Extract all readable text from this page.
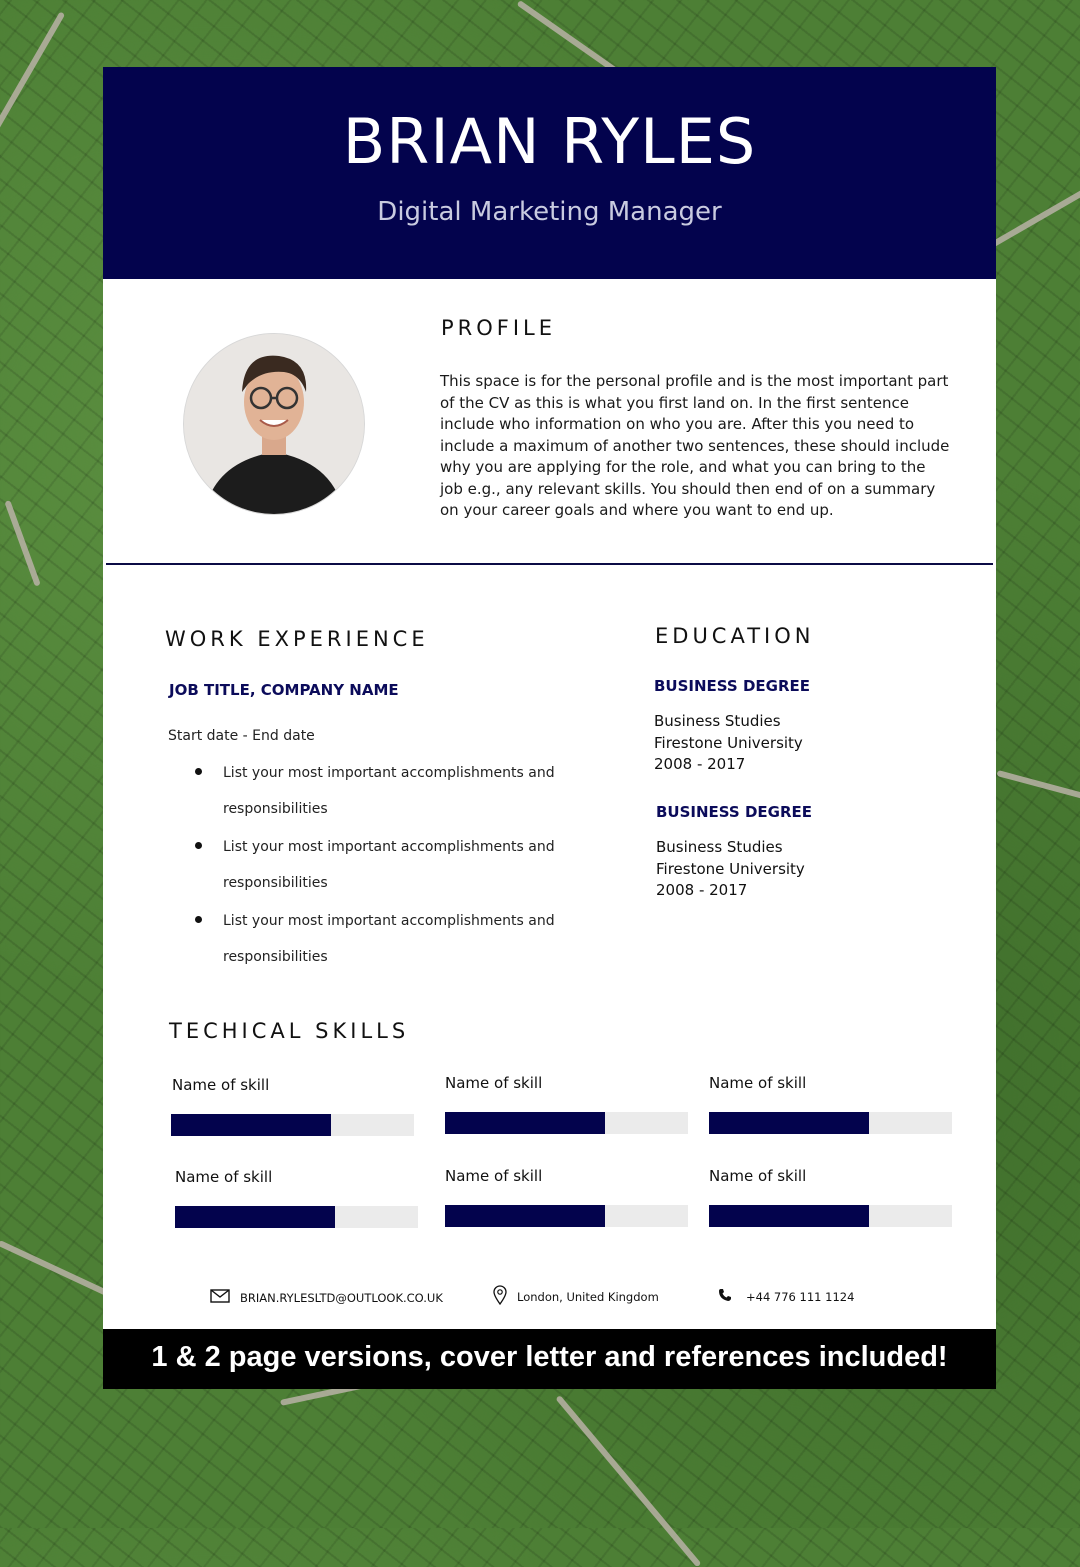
BRIAN RYLES
Digital Marketing Manager
PROFILE
This space is for the personal profile and is the most important part of the CV as this is what you first land on. In the first sentence include who information on who you are. After this you need to include a maximum of another two sentences, these should include why you are applying for the role, and what you can bring to the job e.g., any relevant skills. You should then end of on a summary on your career goals and where you want to end up.
WORK EXPERIENCE
JOB TITLE, COMPANY NAME
Start date - End date
List your most important accomplishments and responsibilities
List your most important accomplishments and responsibilities
List your most important accomplishments and responsibilities
EDUCATION
BUSINESS DEGREE
Business Studies
Firestone University
2008 - 2017
BUSINESS DEGREE
Business Studies
Firestone University
2008 - 2017
TECHICAL SKILLS
Name of skill	Name of skill	Name of skill
Name of skill	Name of skill	Name of skill
BRIAN.RYLESLTD@OUTLOOK.CO.UK	London, United Kingdom	+44 776 111 1124
1 & 2 page versions, cover letter and references included!
